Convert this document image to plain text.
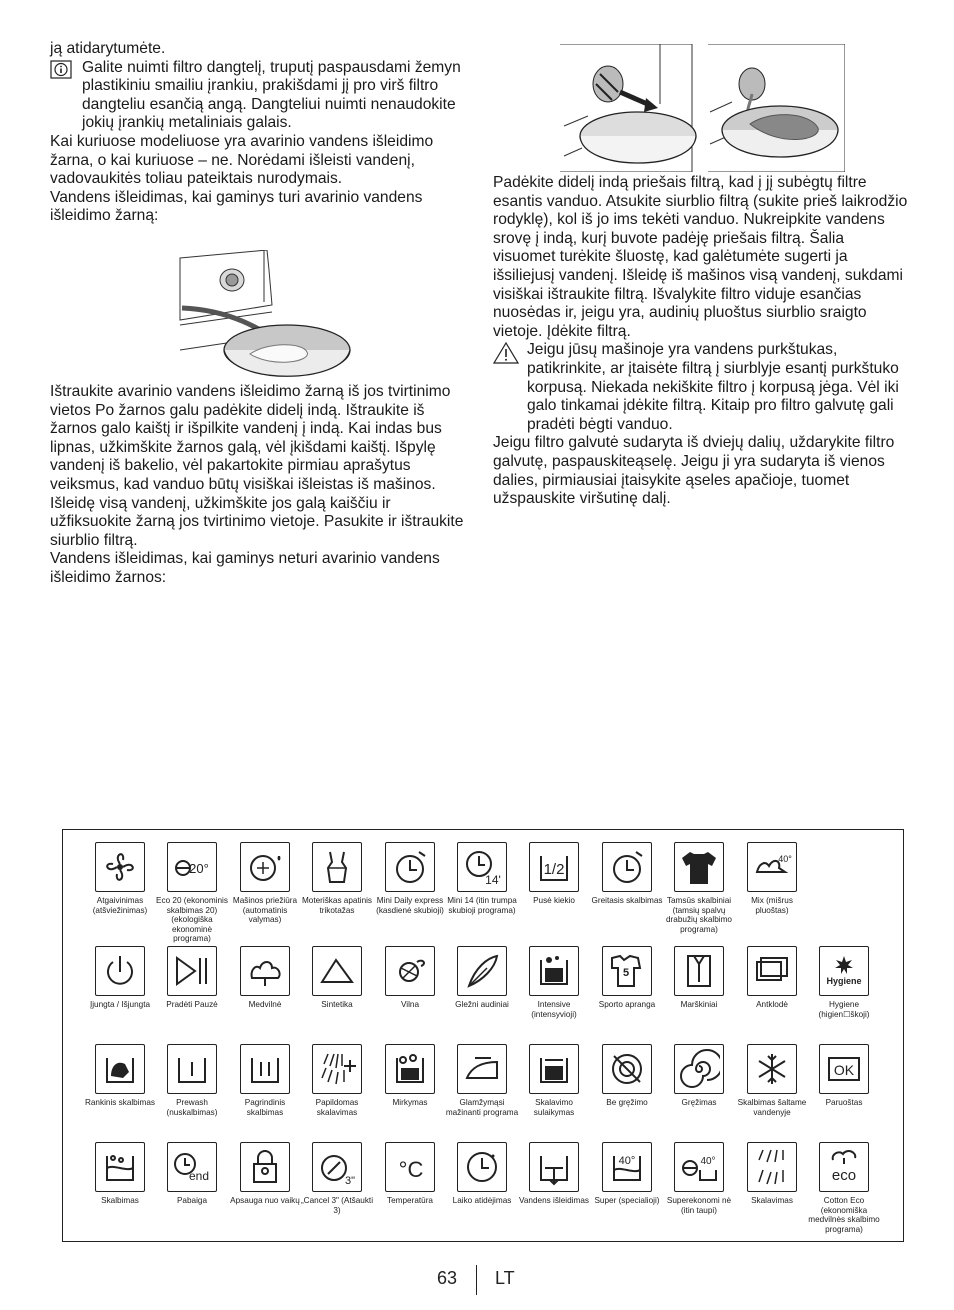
ją atidarytumėte.

Galite nuimti filtro dangtelį, truputį paspausdami žemyn plastikiniu smailiu įrankiu, prakišdami jį pro virš filtro dangteliu esančią angą. Dangteliui nuimti nenaudokite jokių įrankių metaliniais galais.

Kai kuriuose modeliuose yra avarinio vandens išleidimo žarna, o kai kuriuose – ne. Norėdami išleisti vandenį, vadovaukitės toliau pateiktais nurodymais.

Vandens išleidimas, kai gaminys turi avarinio vandens išleidimo žarną:

Ištraukite avarinio vandens išleidimo žarną iš jos tvirtinimo vietos Po žarnos galu padėkite didelį indą. Ištraukite iš žarnos galo kaištį ir išpilkite vandenį į indą. Kai indas bus lipnas, užkimškite žarnos galą, vėl įkišdami kaištį. Išpylę vandenį iš bakelio, vėl pakartokite pirmiau aprašytus veiksmus, kad vanduo būtų visiškai išleistas iš mašinos. Išleidę visą vandenį, užkimškite jos galą kaiščiu ir užfiksuokite žarną jos tvirtinimo vietoje. Pasukite ir ištraukite siurblio filtrą.

Vandens išleidimas, kai gaminys neturi avarinio vandens išleidimo žarnos:

Padėkite didelį indą priešais filtrą, kad į jį subėgtų filtre esantis vanduo. Atsukite siurblio filtrą (sukite prieš laikrodžio rodyklę), kol iš jo ims tekėti vanduo. Nukreipkite vandens srovę į indą, kurį buvote padėję priešais filtrą. Šalia visuomet turėkite šluostę, kad galėtumėte sugerti ja išsiliejusį vandenį. Išleidę iš mašinos visą vandenį, sukdami visiškai ištraukite filtrą. Išvalykite filtro viduje esančias nuosėdas ir, jeigu yra, audinių pluoštus siurblio sraigto vietoje. Įdėkite filtrą.

Jeigu jūsų mašinoje yra vandens purkštukas, patikrinkite, ar įtaisėte filtrą į siurblyje esantį purkštuko korpusą. Niekada nekiškite filtro į korpusą jėga. Vėl iki galo tinkamai įdėkite filtrą. Kitaip pro filtro galvutę gali pradėti bėgti vanduo.

Jeigu filtro galvutė sudaryta iš dviejų dalių, uždarykite filtro galvutę, paspauskiteąselę. Jeigu ji yra sudaryta iš vienos dalies, pirmiausiai įtaisykite ąseles apačioje, tuomet užspauskite viršutinę dalį.

Atgaivinimas (atšviežinimas)
20°
Eco 20 (ekonominis skalbimas 20) (ekologiška ekonominė programa)
Mašinos priežiūra (automatinis valymas)
Moteriškas apatinis trikotažas
Mini Daily express (kasdienė skubioji)
14'
Mini 14 (itin trumpa skubioji programa)
1/2
Pusė kiekio	Greitasis skalbimas Tamsūs skalbiniai (tamsių spalvų drabužių skalbimo programa)
40°
Mix (mišrus pluoštas)
Įjungta / Išjungta	Pradėti Pauzė	Medvilnė	Sintetika	Vilna	Gležni audiniai	Intensive (intensyvioji)
5
Sporto apranga	Marškiniai	Antklodė
Hygiene
Hygiene (higien☐škoji)
Rankinis skalbimas	Prewash (nuskalbimas)
Pagrindinis skalbimas
Papildomas skalavimas
Mirkymas	Glamžymąsi mažinanti programa
Skalavimo sulaikymas
Be gręžimo	Gręžimas	Skalbimas šaltame vandenyje
OK
Paruoštas
Skalbimas
end
Pabaiga	Apsauga nuo vaikų
3"
„Cancel 3" (Atšaukti 3)
°C
Temperatūra	Laiko atidėjimas Vandens išleidimas
40°
Super (specialioji)
40°
Superekonomi nė (itin taupi)
Skalavimas
eco
Cotton Eco (ekonomiška medvilnės skalbimo programa)
63 LT
